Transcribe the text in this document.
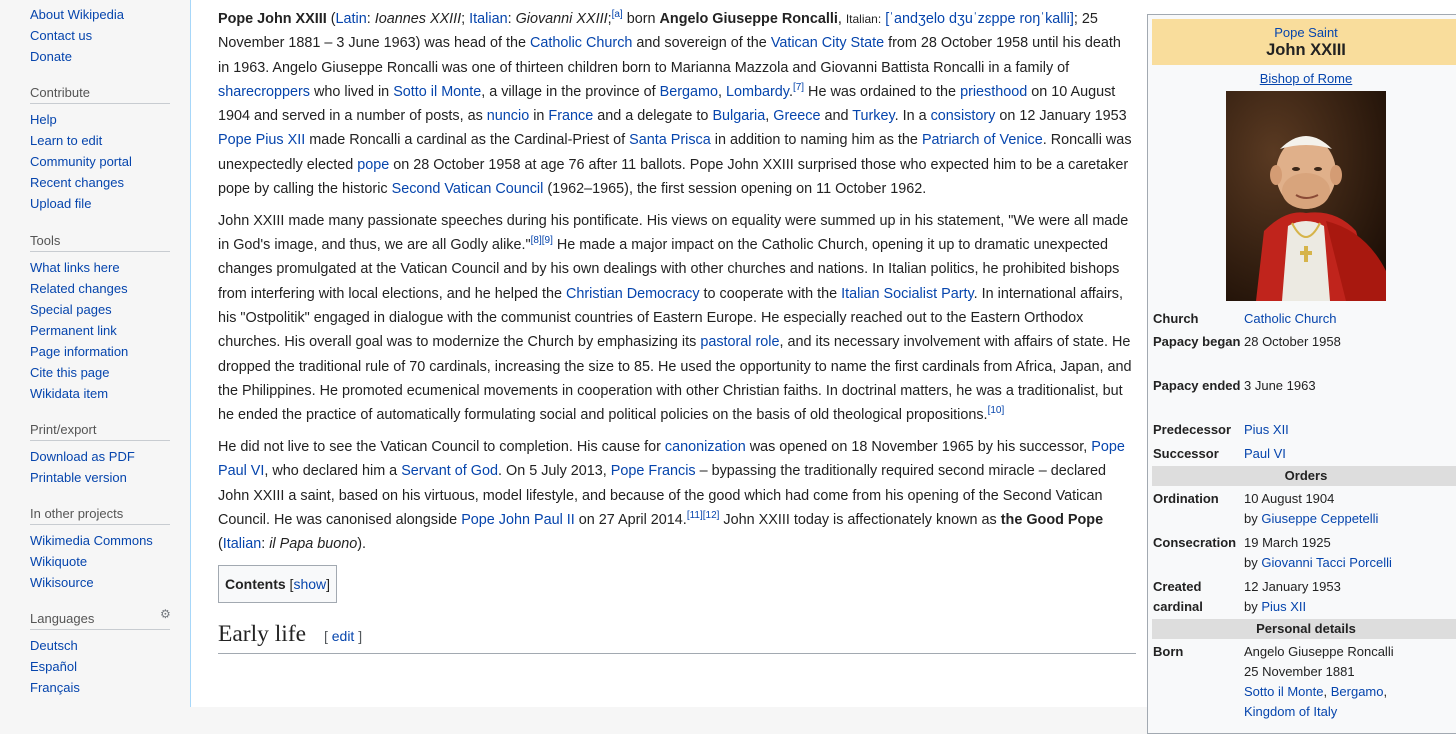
About Wikipedia
Contact us
Donate
Contribute
Help
Learn to edit
Community portal
Recent changes
Upload file
Tools
What links here
Related changes
Special pages
Permanent link
Page information
Cite this page
Wikidata item
Print/export
Download as PDF
Printable version
In other projects
Wikimedia Commons
Wikiquote
Wikisource
Languages	⚙
Deutsch
Español
Français

Pope John XXIII (Latin: Ioannes XXIII; Italian: Giovanni XXIII;[a] born Angelo Giuseppe Roncalli, Italian: [ˈandʒelo dʒuˈzɛppe roŋˈkalli]; 25 November 1881 – 3 June 1963) was head of the Catholic Church and sovereign of the Vatican City State from 28 October 1958 until his death in 1963. Angelo Giuseppe Roncalli was one of thirteen children born to Marianna Mazzola and Giovanni Battista Roncalli in a family of sharecroppers who lived in Sotto il Monte, a village in the province of Bergamo, Lombardy.[7] He was ordained to the priesthood on 10 August 1904 and served in a number of posts, as nuncio in France and a delegate to Bulgaria, Greece and Turkey. In a consistory on 12 January 1953 Pope Pius XII made Roncalli a cardinal as the Cardinal-Priest of Santa Prisca in addition to naming him as the Patriarch of Venice. Roncalli was unexpectedly elected pope on 28 October 1958 at age 76 after 11 ballots. Pope John XXIII surprised those who expected him to be a caretaker pope by calling the historic Second Vatican Council (1962–1965), the first session opening on 11 October 1962.

John XXIII made many passionate speeches during his pontificate. His views on equality were summed up in his statement, "We were all made in God's image, and thus, we are all Godly alike."[8][9] He made a major impact on the Catholic Church, opening it up to dramatic unexpected changes promulgated at the Vatican Council and by his own dealings with other churches and nations. In Italian politics, he prohibited bishops from interfering with local elections, and he helped the Christian Democracy to cooperate with the Italian Socialist Party. In international affairs, his "Ostpolitik" engaged in dialogue with the communist countries of Eastern Europe. He especially reached out to the Eastern Orthodox churches. His overall goal was to modernize the Church by emphasizing its pastoral role, and its necessary involvement with affairs of state. He dropped the traditional rule of 70 cardinals, increasing the size to 85. He used the opportunity to name the first cardinals from Africa, Japan, and the Philippines. He promoted ecumenical movements in cooperation with other Christian faiths. In doctrinal matters, he was a traditionalist, but he ended the practice of automatically formulating social and political policies on the basis of old theological propositions.[10]

He did not live to see the Vatican Council to completion. His cause for canonization was opened on 18 November 1965 by his successor, Pope Paul VI, who declared him a Servant of God. On 5 July 2013, Pope Francis – bypassing the traditionally required second miracle – declared John XXIII a saint, based on his virtuous, model lifestyle, and because of the good which had come from his opening of the Second Vatican Council. He was canonised alongside Pope John Paul II on 27 April 2014.[11][12] John XXIII today is affectionately known as the Good Pope (Italian: il Papa buono).

Contents [show]
Early life [ edit ]
Pope Saint
John XXIII
Bishop of Rome
Church	Catholic Church
Papacy began 28 October 1958
Papacy ended 3 June 1963
Predecessor Pius XII
Successor	Paul VI
Orders
Ordination	10 August 1904
by Giuseppe Ceppetelli
Consecration 19 March 1925
by Giovanni Tacci Porcelli
Created cardinal
12 January 1953
by Pius XII
Personal details
Born	Angelo Giuseppe Roncalli
25 November 1881
Sotto il Monte, Bergamo,
Kingdom of Italy
